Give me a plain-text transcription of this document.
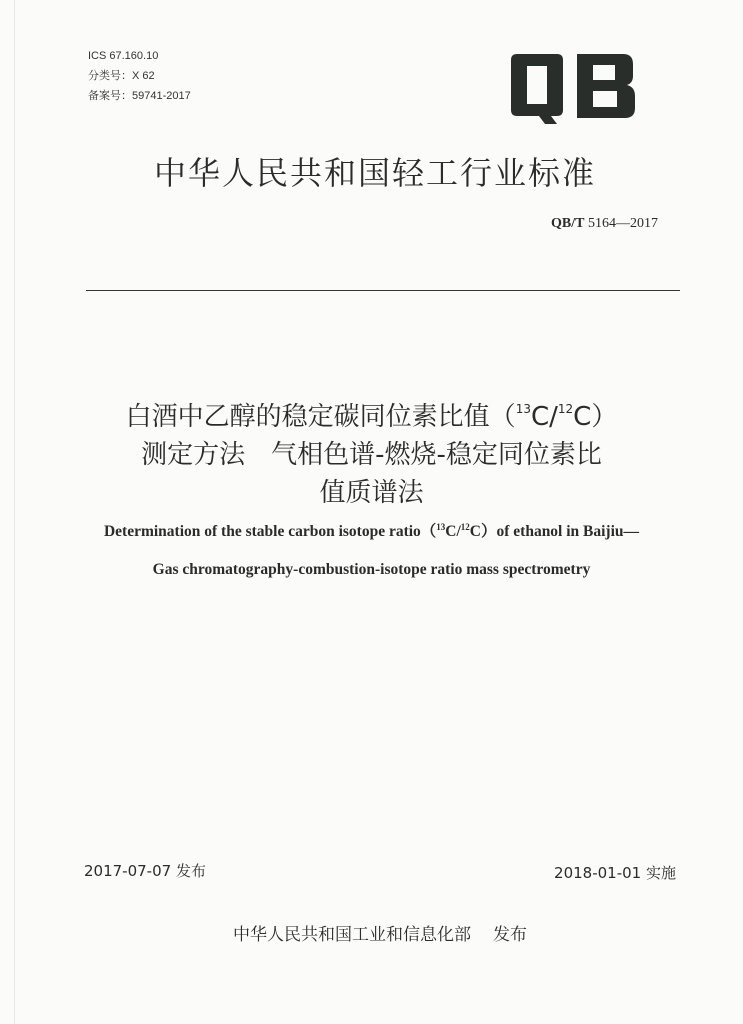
ICS 67.160.10
分类号：X 62
备案号：59741-2017
中华人民共和国轻工行业标准
QB/T 5164—2017
白酒中乙醇的稳定碳同位素比值（$^{13}$C/$^{12}$C）
测定方法　气相色谱-燃烧-稳定同位素比
值质谱法
Determination of the stable carbon isotope ratio（$^{13}$C/$^{12}$C）of ethanol in Baijiu—
Gas chromatography-combustion-isotope ratio mass spectrometry
2017-07-07 发布	2018-01-01 实施
中华人民共和国工业和信息化部 发布
